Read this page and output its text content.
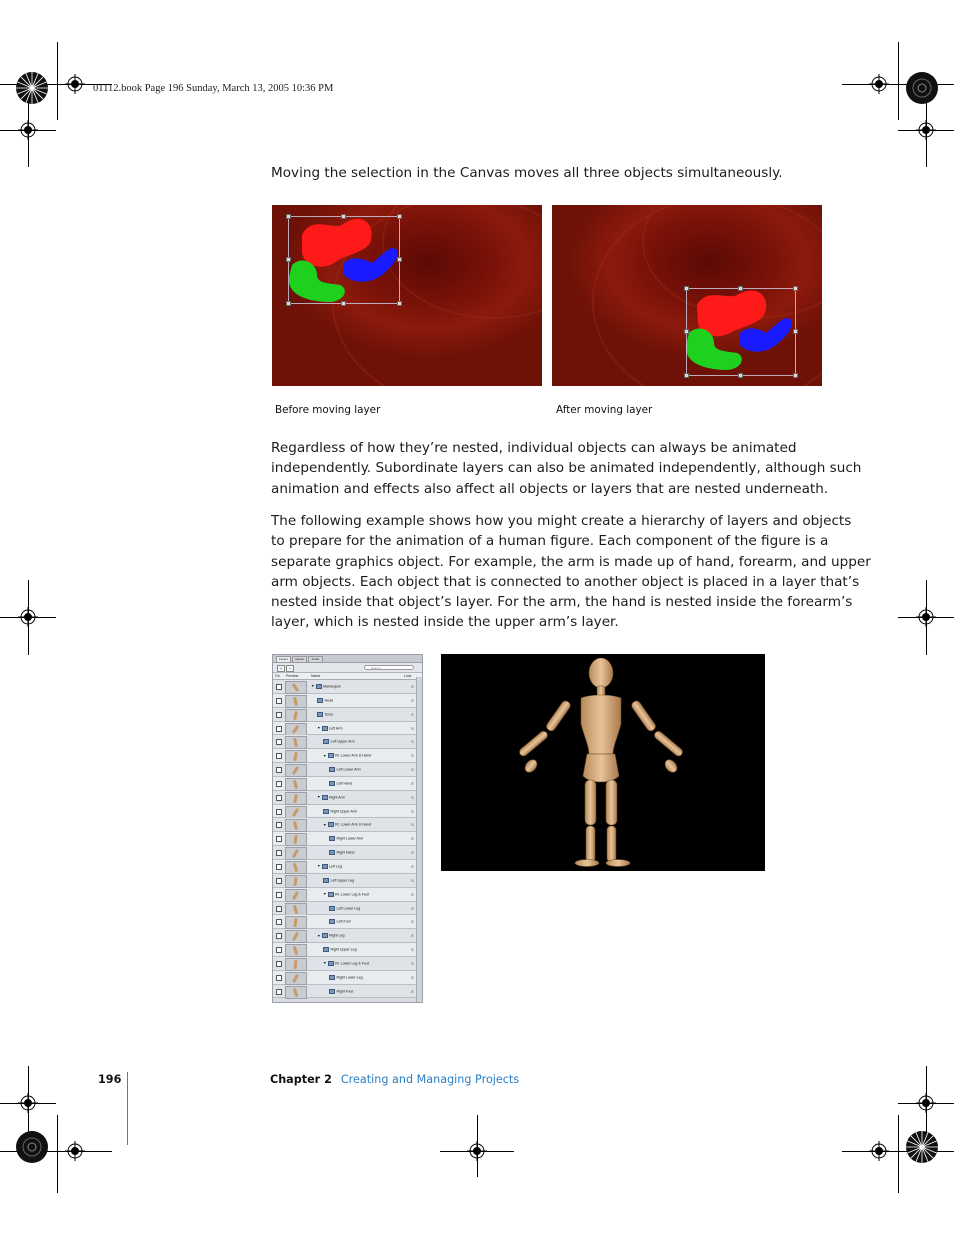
01112.book Page 196 Sunday, March 13, 2005 10:36 PM
Moving the selection in the Canvas moves all three objects simultaneously.
Before moving layer	After moving layer
Regardless of how they’re nested, individual objects can always be animated
independently. Subordinate layers can also be animated independently, although such
animation and effects also affect all objects or layers that are nested underneath.
The following example shows how you might create a hierarchy of layers and objects
to prepare for the animation of a human figure. Each component of the figure is a
separate graphics object. For example, the arm is made up of hand, forearm, and upper
arm objects. Each object that is connected to another object is placed in a layer that’s
nested inside that object’s layer. For the arm, the hand is nested inside the forearm’s
layer, which is nested inside the upper arm’s layer.
Layers	Media	Audio
+	−	Search
On Preview	Name	Lock
▼ Mannequin	⊙
Head	⊙
Torso	⊙
▼ Left Arm	⊙
Left Upper Arm	⊙
▼ Rt. Lower Arm & Hand	⊙
Left Lower Arm	⊙
Left Hand	⊙
▼ Right Arm	⊙
Right Upper Arm	⊙
▼ Rt. Lower Arm & Hand	⊙
Right Lower Arm	⊙
Right Hand	⊙
▼ Left Leg	⊙
Left Upper Leg	⊙
▼ Rt. Lower Leg & Foot	⊙
Left Lower Leg	⊙
Left Foot	⊙
▼ Right Leg	⊙
Right Upper Leg	⊙
▼ Rt. Lower Leg & Foot	⊙
Right Lower Leg	⊙
Right Foot	⊙
196	Chapter 2 Creating and Managing Projects
